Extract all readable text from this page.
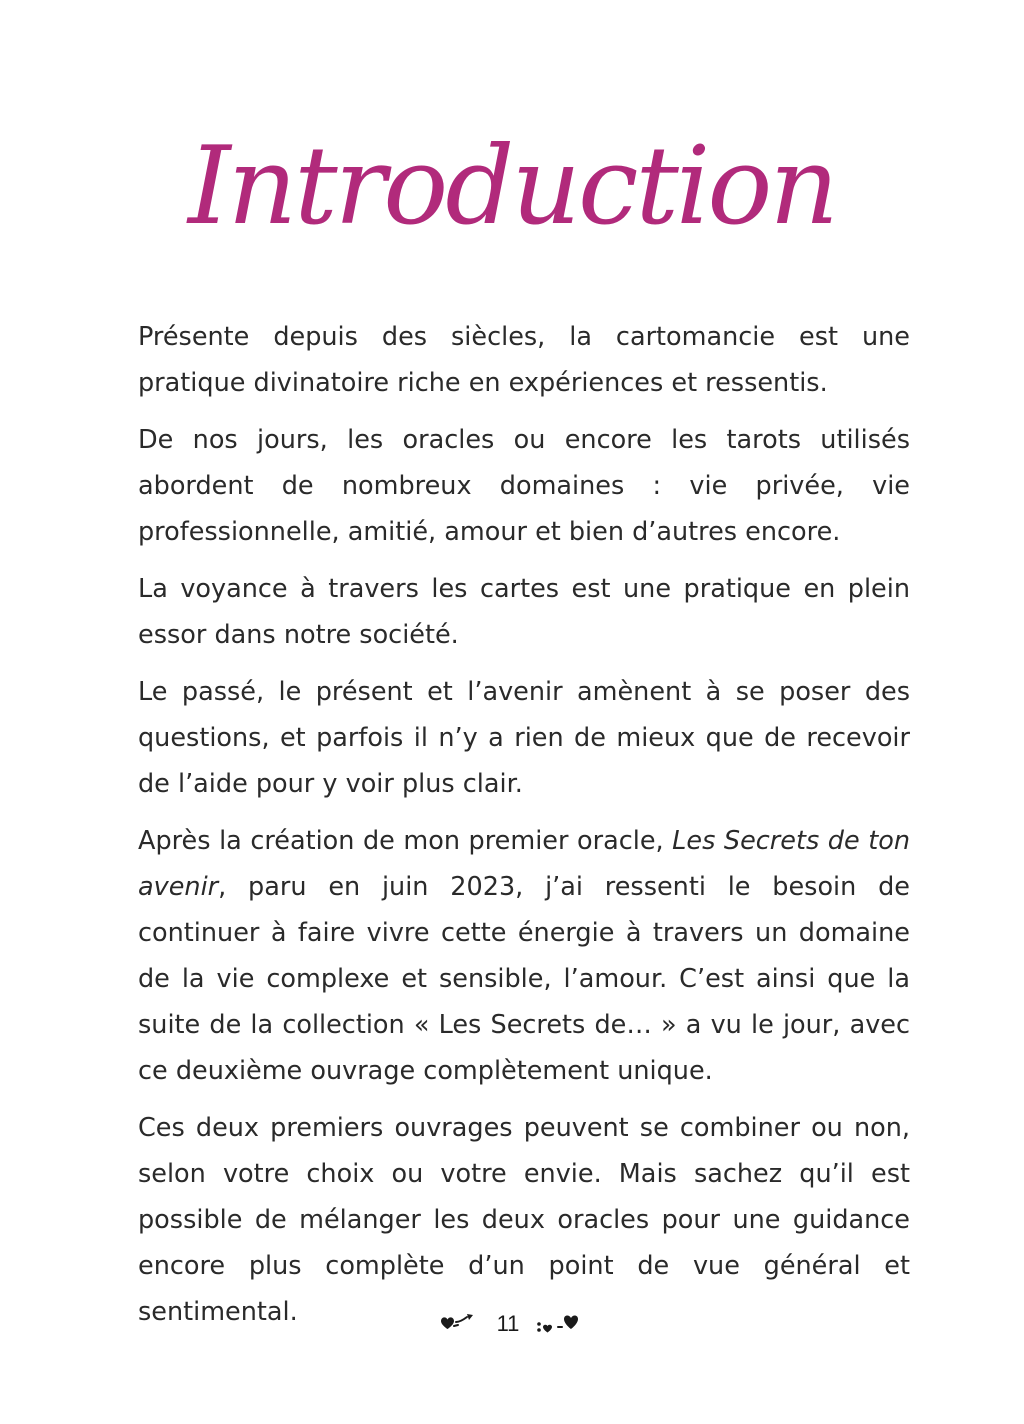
Introduction

Présente depuis des siècles, la cartomancie est une pratique divinatoire riche en expériences et ressentis.

De nos jours, les oracles ou encore les tarots utilisés abordent de nombreux domaines : vie privée, vie professionnelle, amitié, amour et bien d’autres encore.

La voyance à travers les cartes est une pratique en plein essor dans notre société.

Le passé, le présent et l’avenir amènent à se poser des questions, et parfois il n’y a rien de mieux que de recevoir de l’aide pour y voir plus clair.

Après la création de mon premier oracle, Les Secrets de ton avenir, paru en juin 2023, j’ai ressenti le besoin de continuer à faire vivre cette énergie à travers un domaine de la vie complexe et sensible, l’amour. C’est ainsi que la suite de la collection « Les Secrets de… » a vu le jour, avec ce deuxième ouvrage complètement unique.

Ces deux premiers ouvrages peuvent se combiner ou non, selon votre choix ou votre envie. Mais sachez qu’il est possible de mélanger les deux oracles pour une guidance encore plus complète d’un point de vue général et sentimental.	11
